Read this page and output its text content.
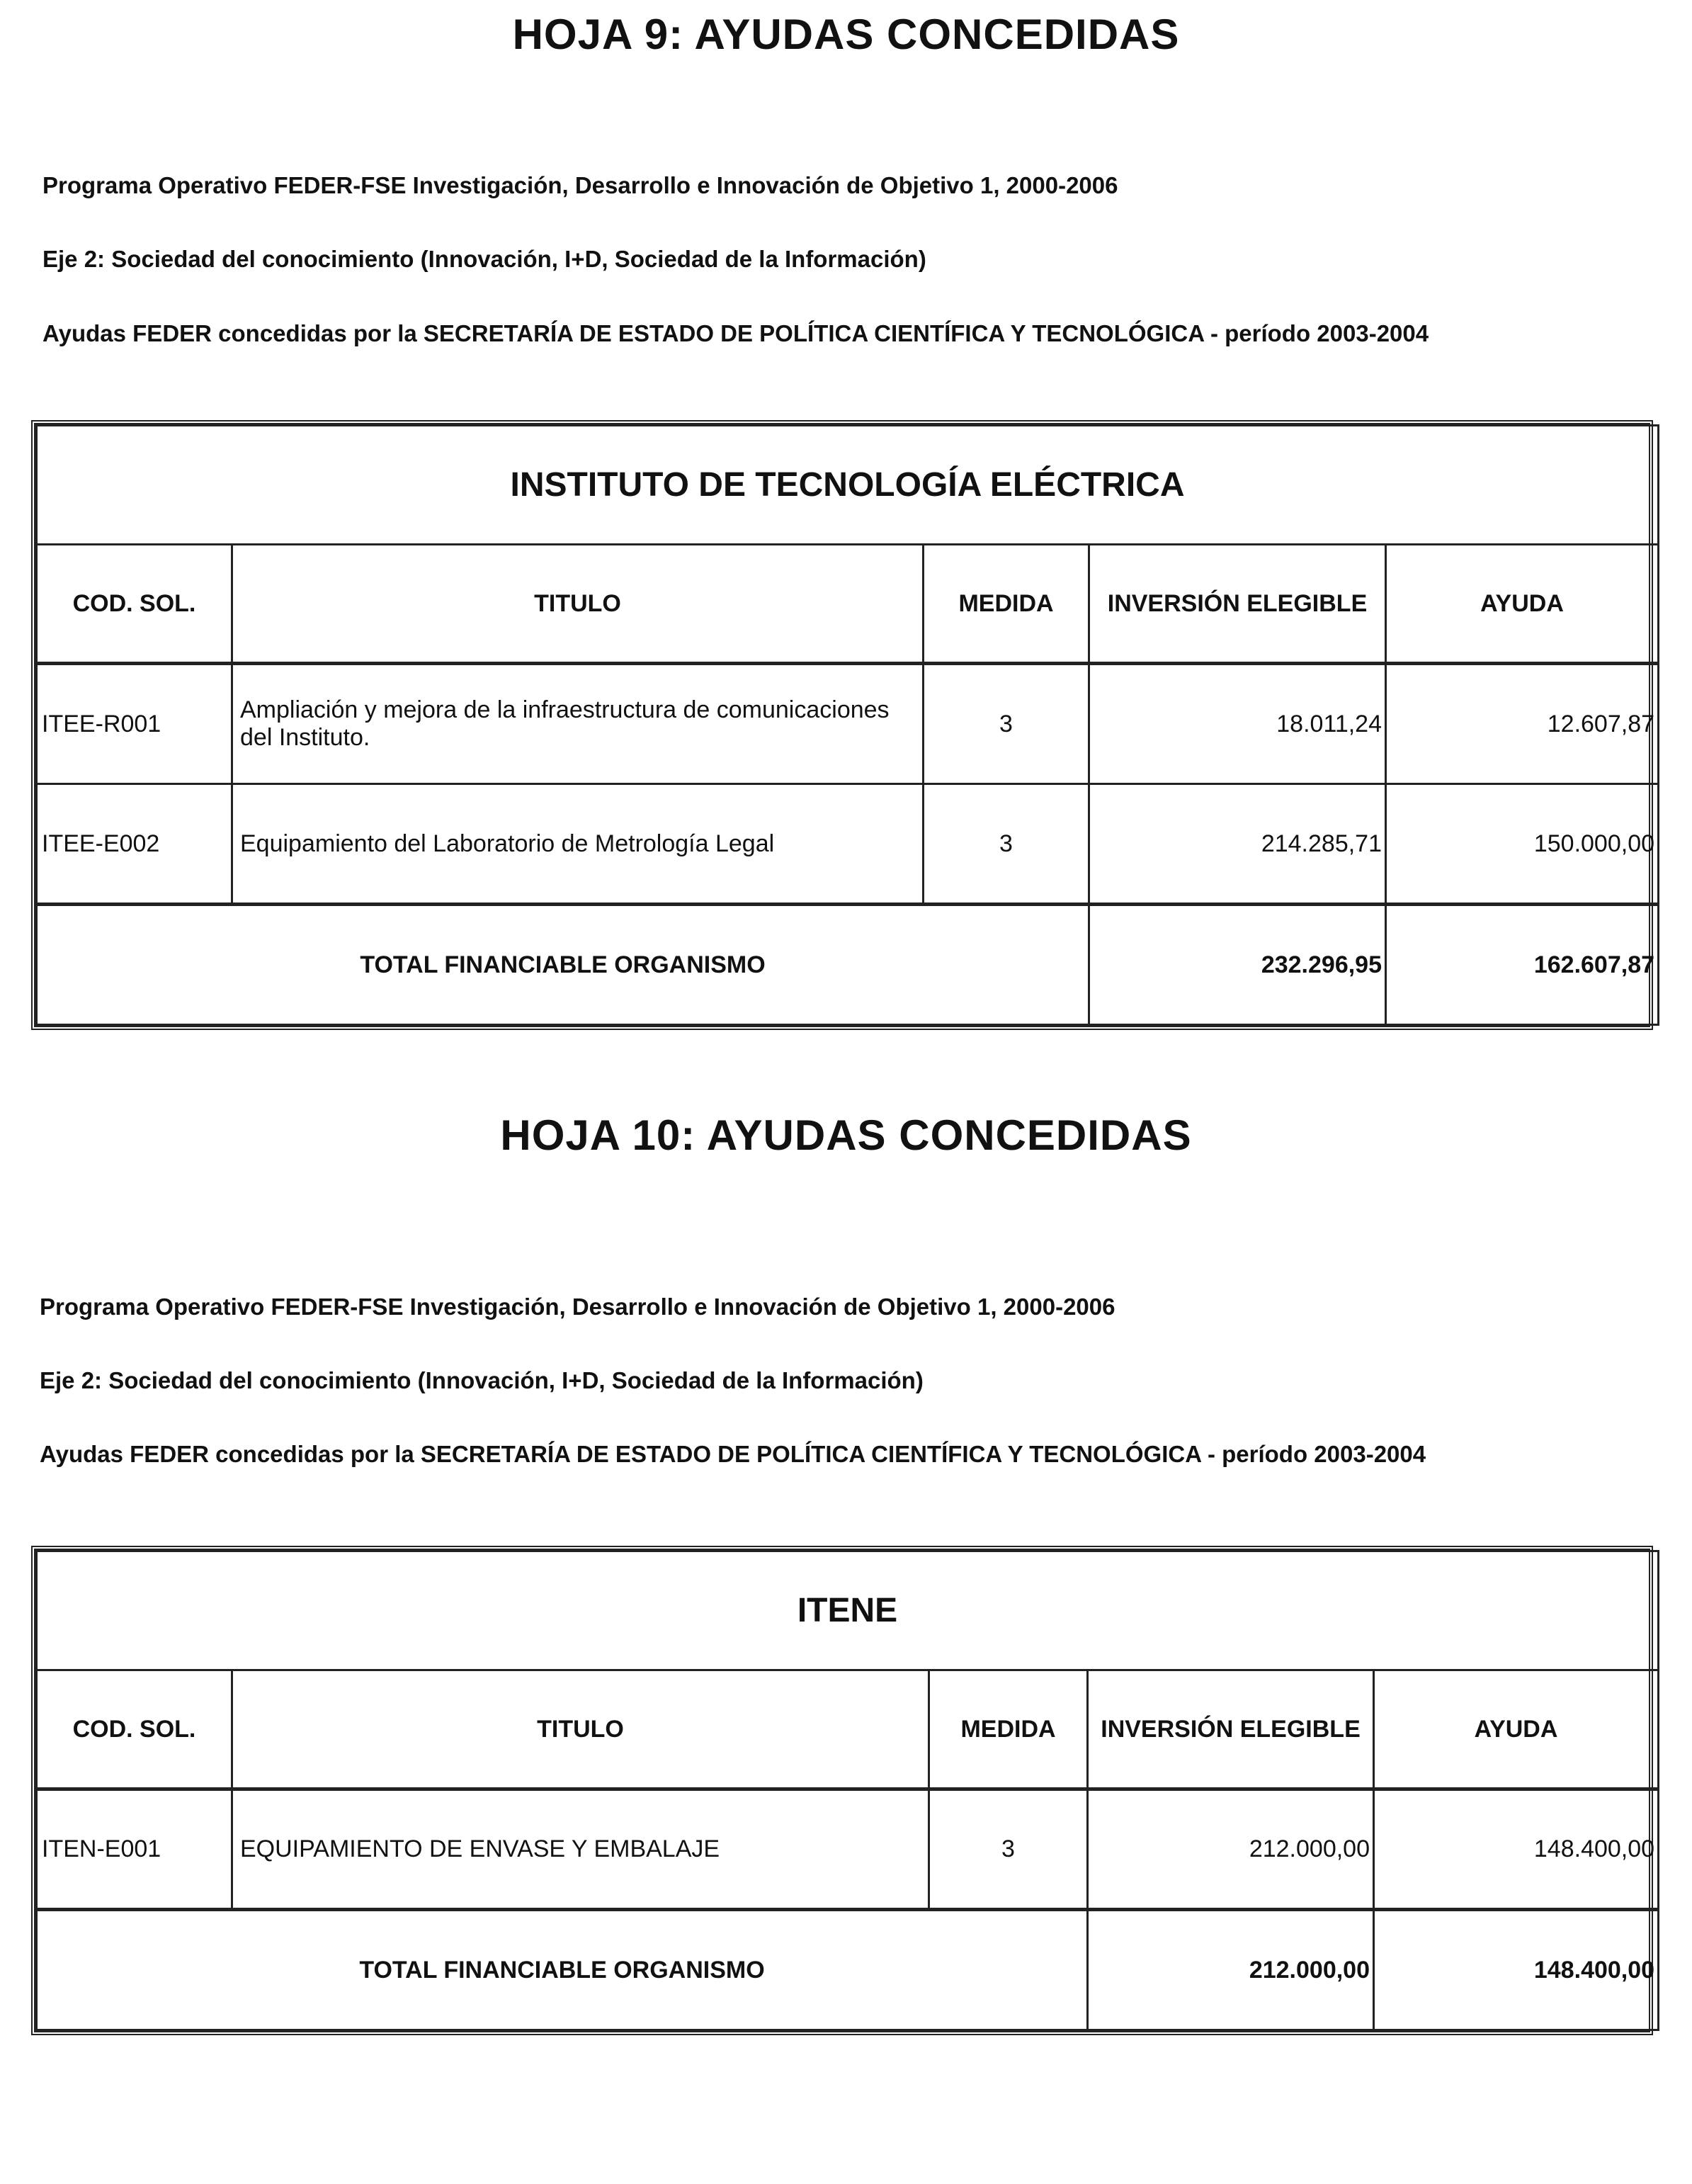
HOJA 9: AYUDAS CONCEDIDAS
Programa Operativo FEDER-FSE Investigación, Desarrollo e Innovación de Objetivo 1, 2000-2006
Eje 2: Sociedad del conocimiento (Innovación, I+D, Sociedad de la Información)
Ayudas FEDER concedidas por la SECRETARÍA DE ESTADO DE POLÍTICA CIENTÍFICA Y TECNOLÓGICA - período 2003-2004
INSTITUTO DE TECNOLOGÍA ELÉCTRICA				
COD. SOL.	TITULO	MEDIDA	INVERSIÓN ELEGIBLE	AYUDA
ITEE-R001	Ampliación y mejora de la infraestructura de comunicaciones del Instituto.	3	18.011,24	12.607,87
ITEE-E002	Equipamiento del Laboratorio de Metrología Legal	3	214.285,71	150.000,00
TOTAL FINANCIABLE ORGANISMO			232.296,95	162.607,87
HOJA 10: AYUDAS CONCEDIDAS
Programa Operativo FEDER-FSE Investigación, Desarrollo e Innovación de Objetivo 1, 2000-2006
Eje 2: Sociedad del conocimiento (Innovación, I+D, Sociedad de la Información)
Ayudas FEDER concedidas por la SECRETARÍA DE ESTADO DE POLÍTICA CIENTÍFICA Y TECNOLÓGICA - período 2003-2004
ITENE				
COD. SOL.	TITULO	MEDIDA	INVERSIÓN ELEGIBLE	AYUDA
ITEN-E001	EQUIPAMIENTO DE ENVASE Y EMBALAJE	3	212.000,00	148.400,00
TOTAL FINANCIABLE ORGANISMO			212.000,00	148.400,00
